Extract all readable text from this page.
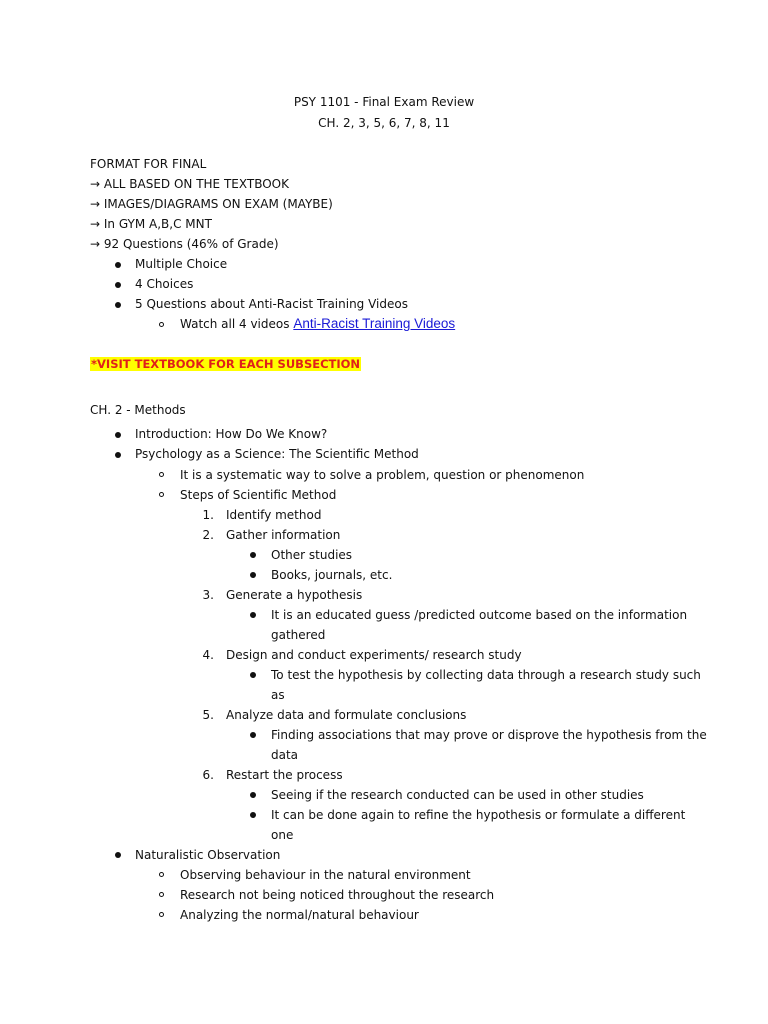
PSY 1101 - Final Exam Review
CH. 2, 3, 5, 6, 7, 8, 11
FORMAT FOR FINAL
→ ALL BASED ON THE TEXTBOOK
→ IMAGES/DIAGRAMS ON EXAM (MAYBE)
→ In GYM A,B,C MNT
→ 92 Questions (46% of Grade)
Multiple Choice
4 Choices
5 Questions about Anti-Racist Training Videos
Watch all 4 videos Anti-Racist Training Videos
*VISIT TEXTBOOK FOR EACH SUBSECTION
CH. 2 - Methods
Introduction: How Do We Know?
Psychology as a Science: The Scientific Method
It is a systematic way to solve a problem, question or phenomenon
Steps of Scientific Method
1. Identify method
2. Gather information
Other studies
Books, journals, etc.
3. Generate a hypothesis
It is an educated guess /predicted outcome based on the information
gathered
4. Design and conduct experiments/ research study
To test the hypothesis by collecting data through a research study such
as
5. Analyze data and formulate conclusions
Finding associations that may prove or disprove the hypothesis from the
data
6. Restart the process
Seeing if the research conducted can be used in other studies
It can be done again to refine the hypothesis or formulate a different
one
Naturalistic Observation
Observing behaviour in the natural environment
Research not being noticed throughout the research
Analyzing the normal/natural behaviour
